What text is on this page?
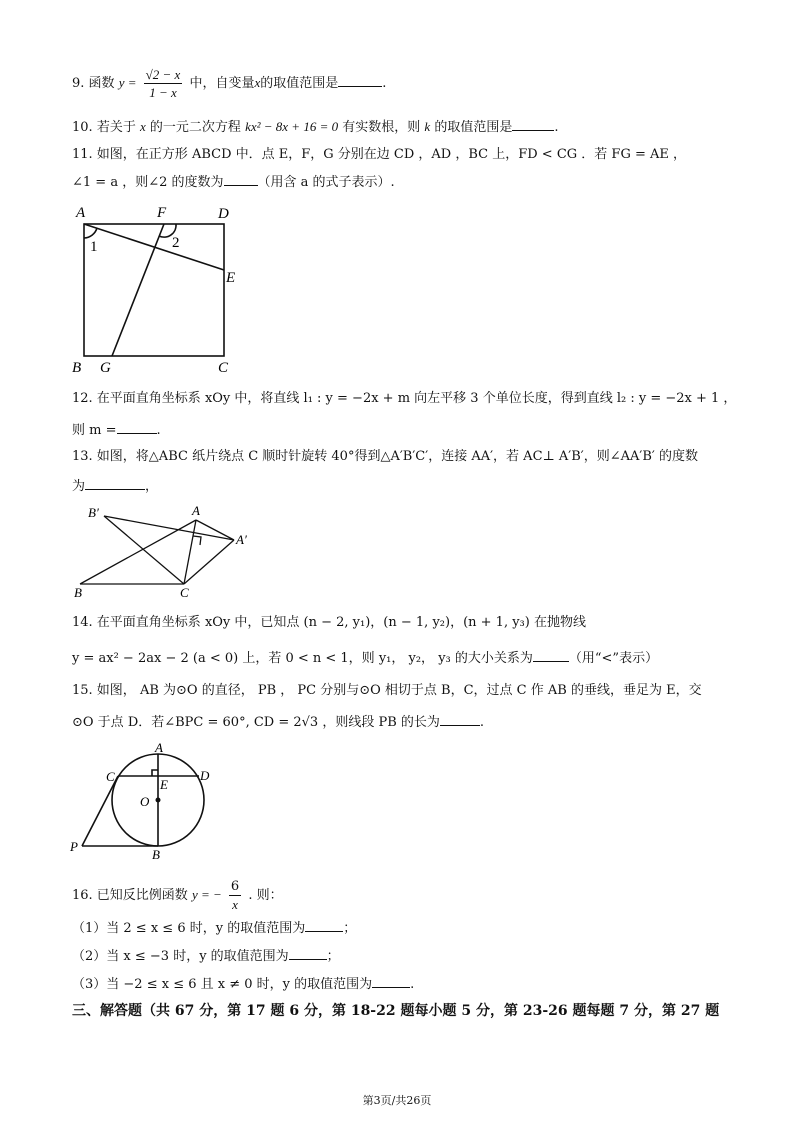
9. 函数 $y = \frac{√2 - x}{1 - x}$ 中，自变量x的取值范围是	.
10. 若关于 x 的一元二次方程 kx² − 8x + 16 = 0 有实数根，则 k 的取值范围是	.
11. 如图，在正方形 ABCD 中．点 E，F，G 分别在边 CD ，AD ，BC 上，FD < CG ．若 FG = AE ，
∠1 = a ，则∠2 的度数为	（用含 a 的式子表示）.
A	F	D
1	2
E
B G	C
12. 在平面直角坐标系 xOy 中，将直线 l₁ : y = −2x + m 向左平移 3 个单位长度，得到直线 l₂ : y = −2x + 1 ，
则 m =	.
13. 如图，将△ABC 纸片绕点 C 顺时针旋转 40°得到△A′B′C′，连接 AA′，若 AC⊥ A′B′，则∠AA′B′ 的度数
为	，
B′	A
A′
B	C
14. 在平面直角坐标系 xOy 中，已知点 (n − 2, y₁)，(n − 1, y₂)，(n + 1, y₃) 在抛物线
y = ax² − 2ax − 2 (a < 0) 上，若 0 < n < 1，则 y₁， y₂， y₃ 的大小关系为	（用“<”表示）
15. 如图， AB 为⊙O 的直径， PB ， PC 分别与⊙O 相切于点 B，C，过点 C 作 AB 的垂线，垂足为 E，交
⊙O 于点 D．若∠BPC = 60°, CD = 2√3 ，则线段 PB 的长为	.
A
C
E
D
O
P
B
16. 已知反比例函数 y = − $\frac{6}{x}$ . 则：
（1）当 2 ≤ x ≤ 6 时，y 的取值范围为	；
（2）当 x ≤ −3 时，y 的取值范围为	；
（3）当 −2 ≤ x ≤ 6 且 x ≠ 0 时，y 的取值范围为	.
三、解答题（共 67 分，第 17 题 6 分，第 18-22 题每小题 5 分，第 23-26 题每题 7 分，第 27 题
第3页/共26页
